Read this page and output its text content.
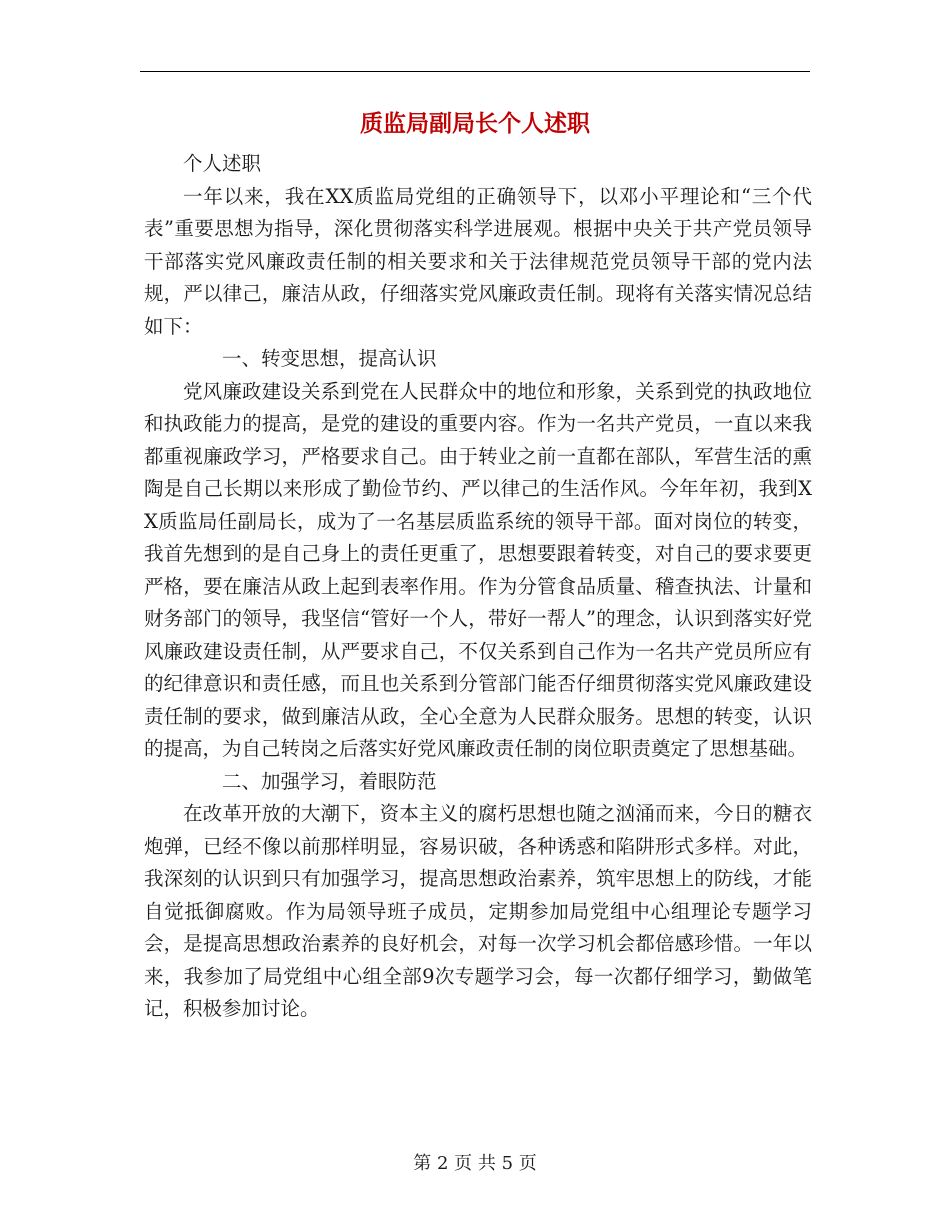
质监局副局长个人述职

个人述职

一年以来，我在XX质监局党组的正确领导下，以邓小平理论和“三个代表”重要思想为指导，深化贯彻落实科学进展观。根据中央关于共产党员领导干部落实党风廉政责任制的相关要求和关于法律规范党员领导干部的党内法规，严以律己，廉洁从政，仔细落实党风廉政责任制。现将有关落实情况总结如下：

一、转变思想，提高认识

党风廉政建设关系到党在人民群众中的地位和形象，关系到党的执政地位和执政能力的提高，是党的建设的重要内容。作为一名共产党员，一直以来我都重视廉政学习，严格要求自己。由于转业之前一直都在部队，军营生活的熏陶是自己长期以来形成了勤俭节约、严以律己的生活作风。今年年初，我到XX质监局任副局长，成为了一名基层质监系统的领导干部。面对岗位的转变，我首先想到的是自己身上的责任更重了，思想要跟着转变，对自己的要求要更严格，要在廉洁从政上起到表率作用。作为分管食品质量、稽查执法、计量和财务部门的领导，我坚信“管好一个人，带好一帮人”的理念，认识到落实好党风廉政建设责任制，从严要求自己，不仅关系到自己作为一名共产党员所应有的纪律意识和责任感，而且也关系到分管部门能否仔细贯彻落实党风廉政建设责任制的要求，做到廉洁从政，全心全意为人民群众服务。思想的转变，认识的提高，为自己转岗之后落实好党风廉政责任制的岗位职责奠定了思想基础。

二、加强学习，着眼防范

在改革开放的大潮下，资本主义的腐朽思想也随之汹涌而来，今日的糖衣炮弹，已经不像以前那样明显，容易识破，各种诱惑和陷阱形式多样。对此，我深刻的认识到只有加强学习，提高思想政治素养，筑牢思想上的防线，才能自觉抵御腐败。作为局领导班子成员，定期参加局党组中心组理论专题学习会，是提高思想政治素养的良好机会，对每一次学习机会都倍感珍惜。一年以来，我参加了局党组中心组全部9次专题学习会，每一次都仔细学习，勤做笔记，积极参加讨论。

第 2 页 共 5 页
